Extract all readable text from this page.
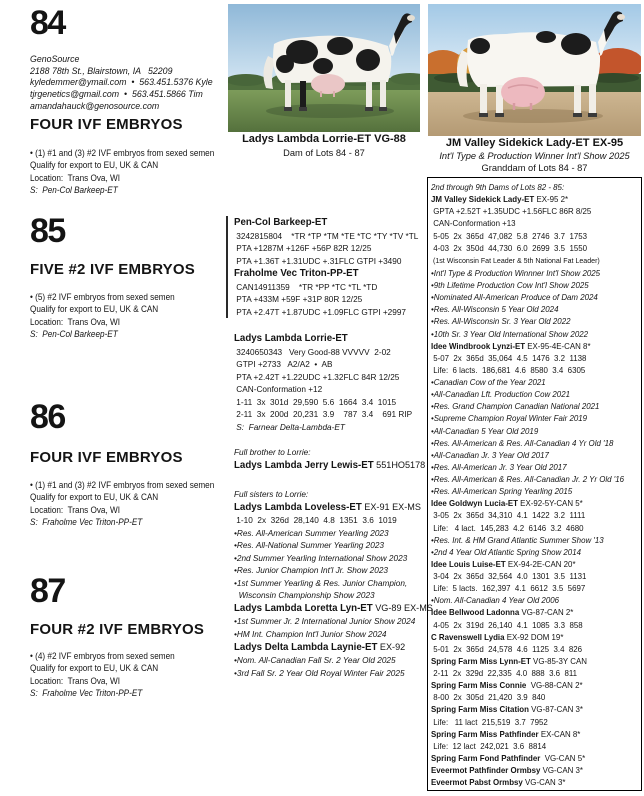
84
GenoSource
2188 78th St., Blairstown, IA   52209
kyledemmer@ymail.com  •  563.451.5376 Kyle
tjrgenetics@gmail.com  •  563.451.5866 Tim
amandahauck@genosource.com
FOUR IVF EMBRYOS
• (1) #1 and (3) #2 IVF embryos from sexed semen
Qualify for export to EU, UK & CAN
Location:  Trans Ova, WI
S:  Pen-Col Barkeep-ET
85
FIVE #2 IVF EMBRYOS
• (5) #2 IVF embryos from sexed semen
Qualify for export to EU, UK & CAN
Location:  Trans Ova, WI
S:  Pen-Col Barkeep-ET
86
FOUR IVF EMBRYOS
• (1) #1 and (3) #2 IVF embryos from sexed semen
Qualify for export to EU, UK & CAN
Location:  Trans Ova, WI
S:  Fraholme Vec Triton-PP-ET
87
FOUR #2 IVF EMBRYOS
• (4) #2 IVF embryos from sexed semen
Qualify for export to EU, UK & CAN
Location:  Trans Ova, WI
S:  Fraholme Vec Triton-PP-ET
Ladys Lambda Lorrie-ET VG-88
Dam of Lots 84 - 87
Pen-Col Barkeep-ET
3242815804    *TR *TP *TM *TE *TC *TY *TV *TL
PTA +1287M +126F +56P 82R 12/25
PTA +1.36T +1.31UDC +.31FLC GTPI +3490
Fraholme Vec Triton-PP-ET
CAN14911359    *TR *PP *TC *TL *TD
PTA +433M +59F +31P 80R 12/25
PTA +2.47T +1.87UDC +1.09FLC GTPI +2997
Ladys Lambda Lorrie-ET
3240650343   Very Good-88 VVVVV  2-02
GTPI +2733   A2/A2  •  AB
PTA +2.42T +1.22UDC +1.32FLC 84R 12/25
CAN-Conformation +12
1-11  3x  301d  29,590  5.6  1664  3.4  1015
2-11  3x  200d  20,231  3.9    787  3.4    691 RIP
S:  Farnear Delta-Lambda-ET
Full brother to Lorrie:
Ladys Lambda Jerry Lewis-ET 551HO5178
Full sisters to Lorrie:
Ladys Lambda Loveless-ET EX-91 EX-MS
1-10  2x  326d  28,140  4.8  1351  3.6  1019
•Res. All-American Summer Yearling 2023
•Res. All-National Summer Yearling 2023
•2nd Summer Yearling International Show 2023
•Res. Junior Champion Int'l Jr. Show 2023
•1st Summer Yearling & Res. Junior Champion,
Wisconsin Championship Show 2023
Ladys Lambda Loretta Lyn-ET VG-89 EX-MS
•1st Summer Jr. 2 International Junior Show 2024
•HM Int. Champion Int'l Junior Show 2024
Ladys Delta Lambda Laynie-ET EX-92
•Nom. All-Canadian Fall Sr. 2 Year Old 2025
•3rd Fall Sr. 2 Year Old Royal Winter Fair 2025
JM Valley Sidekick Lady-ET EX-95
Int'l Type & Production Winner Int'l Show 2025
Granddam of Lots 84 - 87
2nd through 9th Dams of Lots 82 - 85:
JM Valley Sidekick Lady-ET EX-95 2*
GPTA +2.52T +1.35UDC +1.56FLC 86R 8/25
CAN-Conformation +13
5-05  2x  365d  47,082  5.8  2746  3.7  1753
4-03  2x  350d  44,730  6.0  2699  3.5  1550
(1st Wisconsin Fat Leader & 5th National Fat Leader)
•Int'l Type & Production Winnner Int'l Show 2025
•9th Lifetime Production Cow Int'l Show 2025
•Nominated All-American Produce of Dam 2024
•Res. All-Wisconsin 5 Year Old 2024
•Res. All-Wisconsin Sr. 3 Year Old 2022
•10th Sr. 3 Year Old International Show 2022
Idee Windbrook Lynzi-ET EX-95-4E-CAN 8*
5-07  2x  365d  35,064  4.5  1476  3.2  1138
Life:  6 lacts.  186,681  4.6  8580  3.4  6305
•Canadian Cow of the Year 2021
•All-Canadian Lft. Production Cow 2021
•Res. Grand Champion Canadian National 2021
•Supreme Champion Royal Winter Fair 2019
•All-Canadian 5 Year Old 2019
•Res. All-American & Res. All-Canadian 4 Yr Old '18
•All-Canadian Jr. 3 Year Old 2017
•Res. All-American Jr. 3 Year Old 2017
•Res. All-American & Res. All-Canadian Jr. 2 Yr Old '16
•Res. All-American Spring Yearling 2015
Idee Goldwyn Lucia-ET EX-92-5Y-CAN 5*
3-05  2x  365d  34,310  4.1  1422  3.2  1111
Life:   4 lact.  145,283  4.2  6146  3.2  4680
•Res. Int. & HM Grand Atlantic Summer Show '13
•2nd 4 Year Old Atlantic Spring Show 2014
Idee Louis Luise-ET EX-94-2E-CAN 20*
3-04  2x  365d  32,564  4.0  1301  3.5  1131
Life:  5 lacts.  162,397  4.1  6612  3.5  5697
•Nom. All-Canadian 4 Year Old 2006
Idee Bellwood Ladonna VG-87-CAN 2*
4-05  2x  319d  26,140  4.1  1085  3.3  858
C Ravenswell Lydia EX-92 DOM 19*
5-01  2x  365d  24,578  4.6  1125  3.4  826
Spring Farm Miss Lynn-ET VG-85-3Y CAN
2-11  2x  329d  22,335  4.0  888  3.6  811
Spring Farm Miss Connie  VG-88-CAN 2*
8-00  2x  305d  21,420  3.9  840
Spring Farm Miss Citation VG-87-CAN 3*
Life:   11 lact  215,519  3.7  7952
Spring Farm Miss Pathfinder EX-CAN 8*
Life:  12 lact  242,021  3.6  8814
Spring Farm Fond Pathfinder  VG-CAN 5*
Eveermot Pathfinder Ormbsy VG-CAN 3*
Eveermot Pabst Ormbsy VG-CAN 3*
